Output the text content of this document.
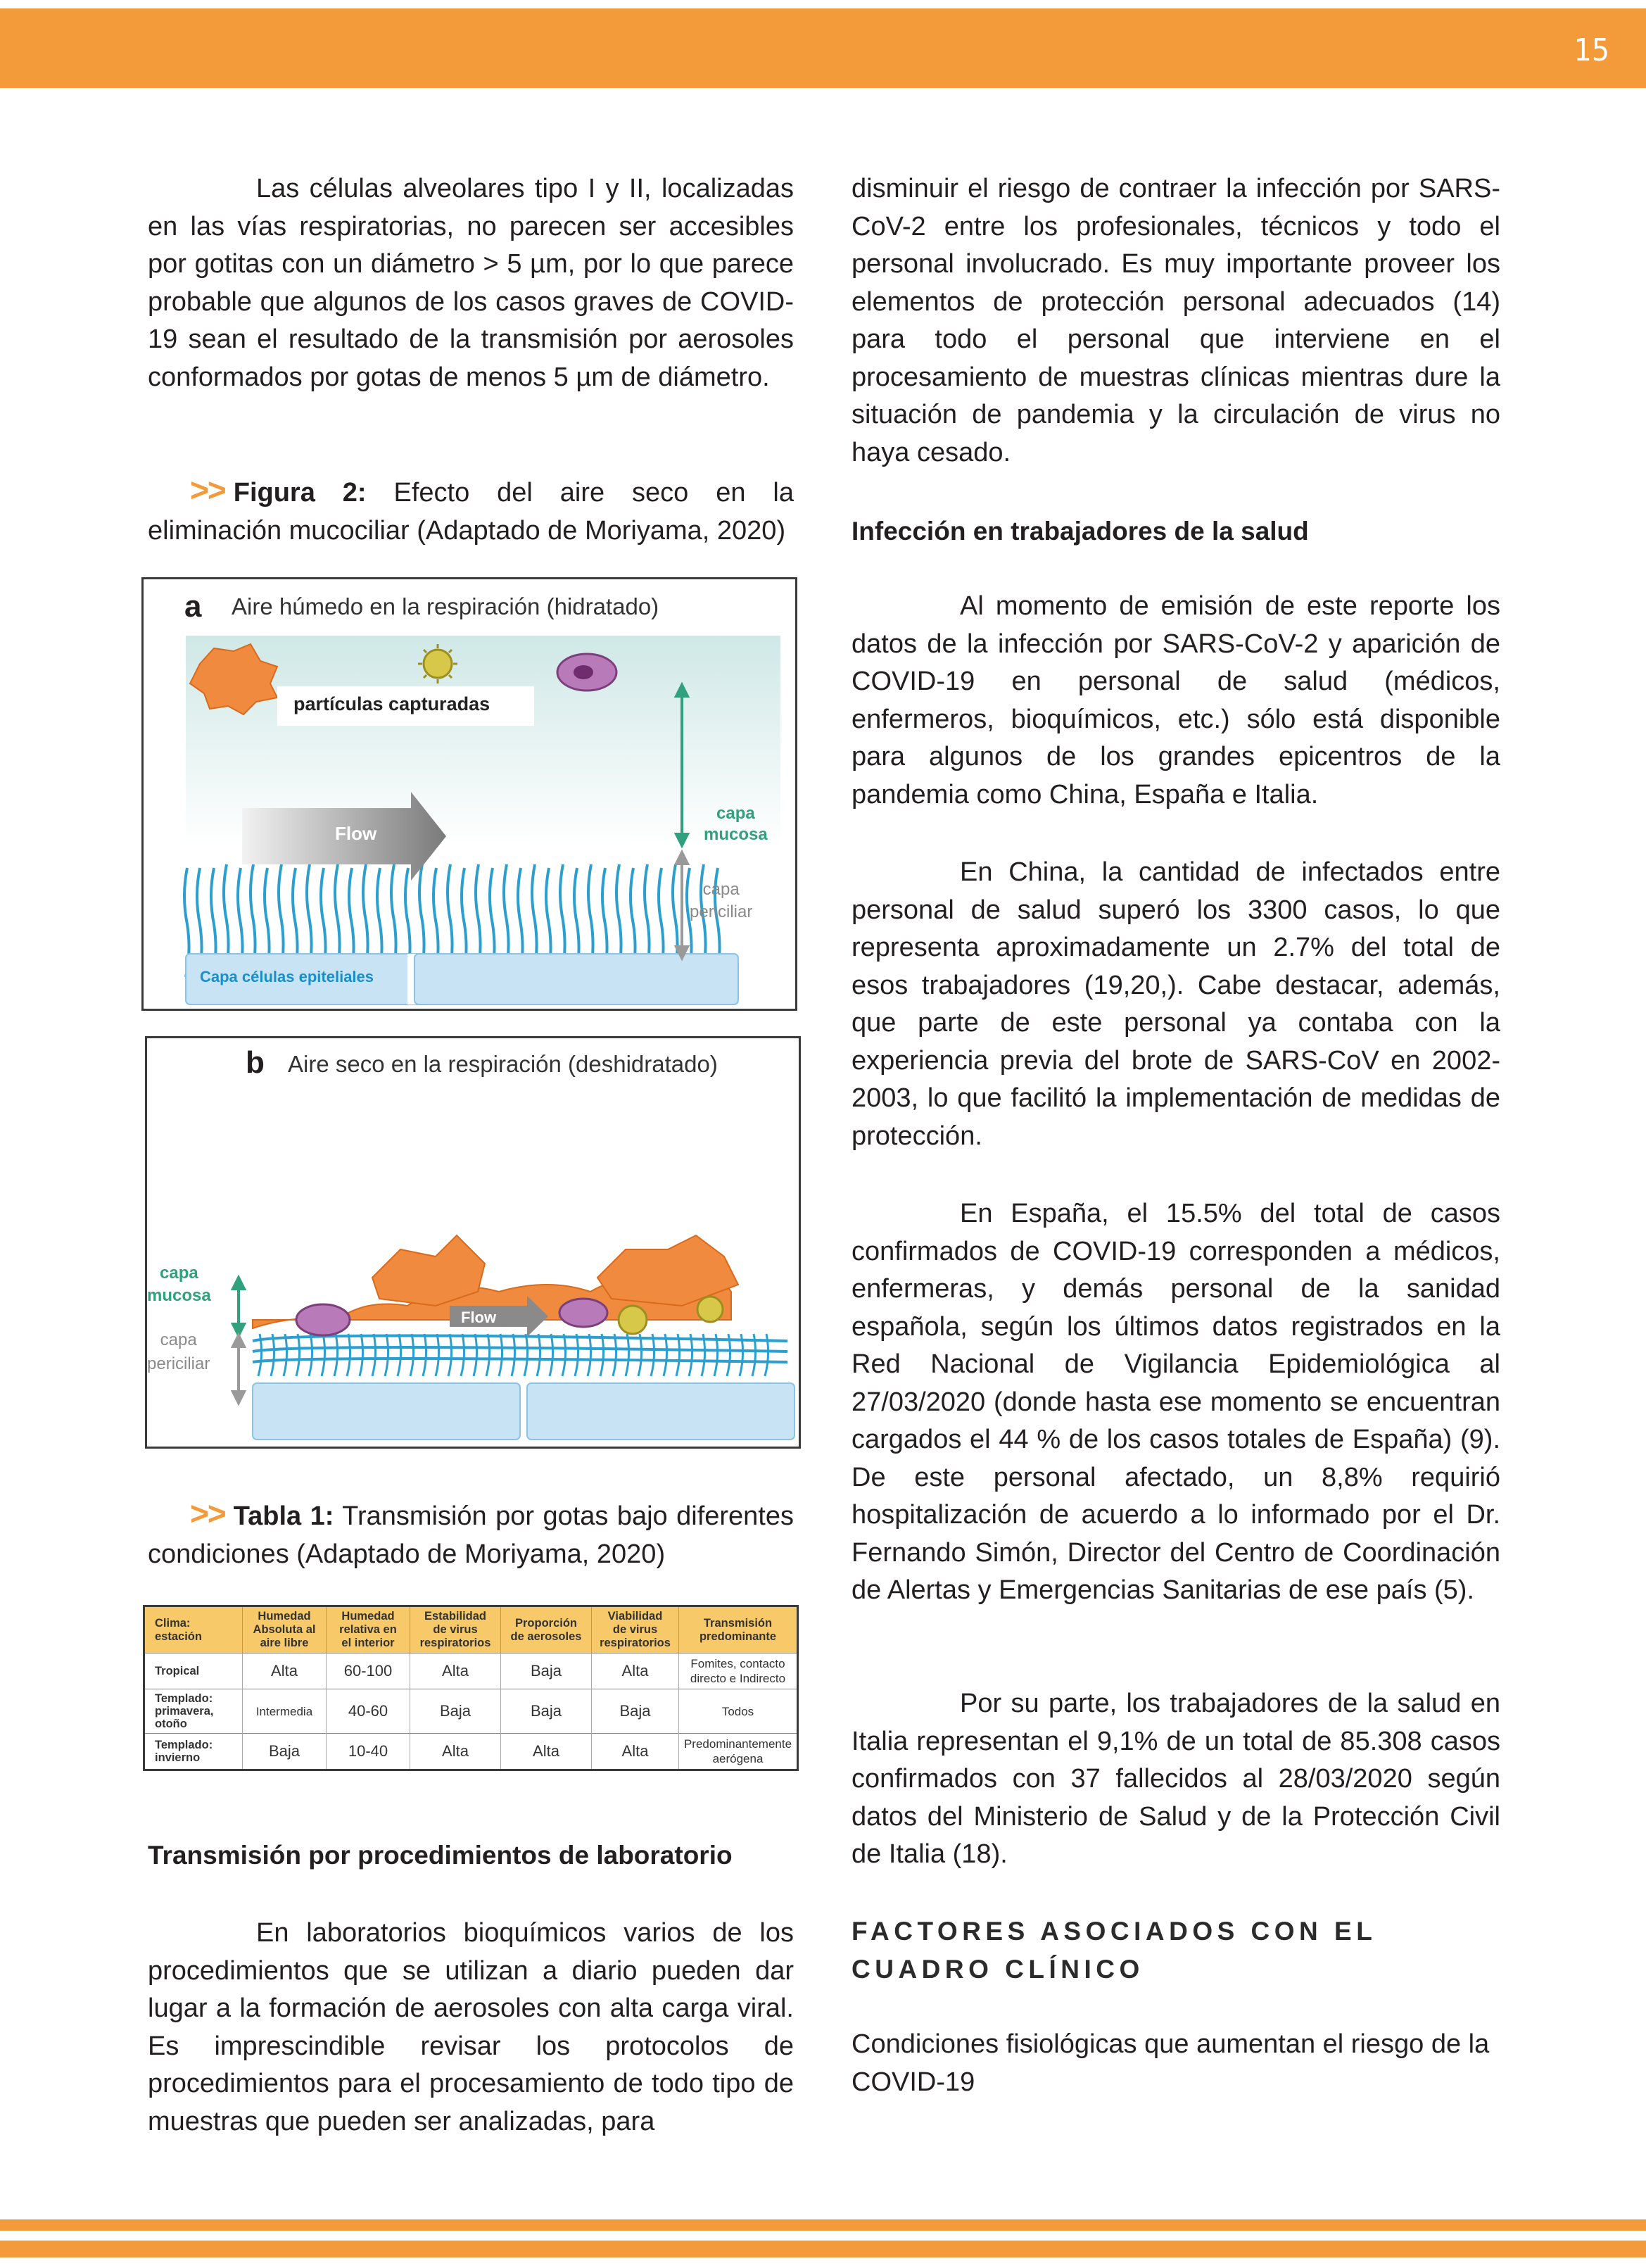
15

Las células alveolares tipo I y II, localizadas en las vías respiratorias, no parecen ser accesibles por gotitas con un diámetro > 5 µm, por lo que parece probable que algunos de los casos graves de COVID-19 sean el resultado de la transmisión por aerosoles conformados por gotas de menos 5 µm de diámetro.

>> Figura 2: Efecto del aire seco en la eliminación mucociliar (Adaptado de Moriyama, 2020)

a Aire húmedo en la respiración (hidratado)
partículas capturadas
Flow
capa
mucosa
capa
periciliar
Capa células epiteliales
b Aire seco en la respiración (deshidratado)
Flow
capa
mucosa
capa
periciliar

>> Tabla 1: Transmisión por gotas bajo diferentes condiciones (Adaptado de Moriyama, 2020)

Clima:
estación	Humedad
Absoluta al
aire libre	Humedad
relativa en
el interior	Estabilidad
de virus
respiratorios	Proporción
de aerosoles	Viabilidad
de virus
respiratorios	Transmisión
predominante
Tropical	Alta	60-100	Alta	Baja	Alta	Fomites, contacto
directo e Indirecto
Templado:
primavera,
otoño	Intermedia	40-60	Baja	Baja	Baja	Todos
Templado:
invierno	Baja	10-40	Alta	Alta	Alta	Predominantemente
aerógena
Transmisión por procedimientos de laboratorio

En laboratorios bioquímicos varios de los procedimientos que se utilizan a diario pueden dar lugar a la formación de aerosoles con alta carga viral. Es imprescindible revisar los protocolos de procedimientos para el procesamiento de todo tipo de muestras que pueden ser analizadas, para

disminuir el riesgo de contraer la infección por SARS-CoV-2 entre los profesionales, técnicos y todo el personal involucrado. Es muy importante proveer los elementos de protección personal adecuados (14) para todo el personal que interviene en el procesamiento de muestras clínicas mientras dure la situación de pandemia y la circulación de virus no haya cesado.

Infección en trabajadores de la salud

Al momento de emisión de este reporte los datos de la infección por SARS-CoV-2 y aparición de COVID-19 en personal de salud (médicos, enfermeros, bioquímicos, etc.) sólo está disponible para algunos de los grandes epicentros de la pandemia como China, España e Italia.

En China, la cantidad de infectados entre personal de salud superó los 3300 casos, lo que representa aproximadamente un 2.7% del total de esos trabajadores (19,20,). Cabe destacar, además, que parte de este personal ya contaba con la experiencia previa del brote de SARS-CoV en 2002-2003, lo que facilitó la implementación de medidas de protección.

En España, el 15.5% del total de casos confirmados de COVID-19 corresponden a médicos, enfermeras, y demás personal de la sanidad española, según los últimos datos registrados en la Red Nacional de Vigilancia Epidemiológica al 27/03/2020 (donde hasta ese momento se encuentran cargados el 44 % de los casos totales de España) (9). De este personal afectado, un 8,8% requirió hospitalización de acuerdo a lo informado por el Dr. Fernando Simón, Director del Centro de Coordinación de Alertas y Emergencias Sanitarias de ese país (5).

Por su parte, los trabajadores de la salud en Italia representan el 9,1% de un total de 85.308 casos confirmados con 37 fallecidos al 28/03/2020 según datos del Ministerio de Salud y de la Protección Civil de Italia (18).

FACTORES ASOCIADOS CON EL CUADRO CLÍNICO

Condiciones fisiológicas que aumentan el riesgo de la COVID-19
